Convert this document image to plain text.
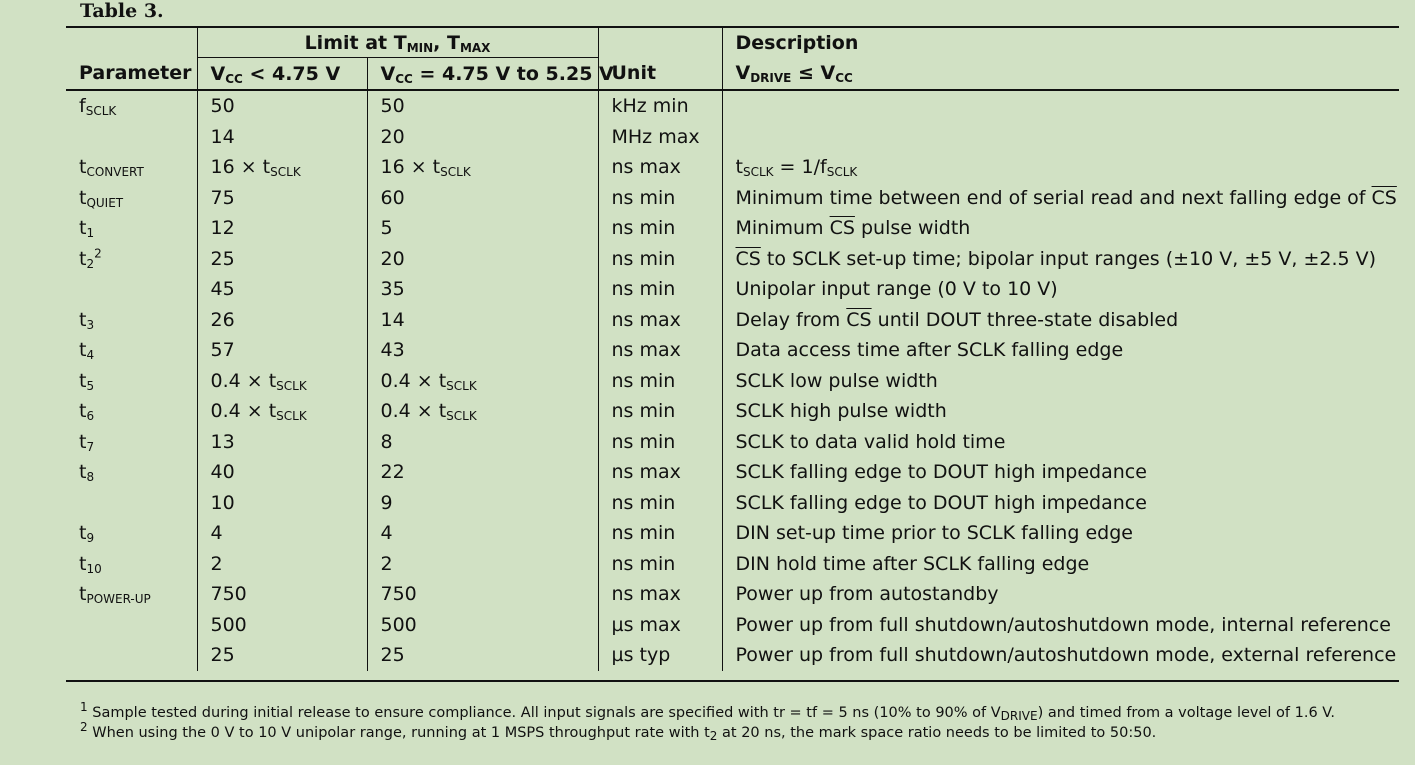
Table 3.
	Limit at $T_{MIN}$, $T_{MAX}$			Description
Parameter	$V_{CC} < 4.75$ V	$V_{CC} = 4.75$ V to 5.25 V	Unit	$V_{DRIVE} \le V_{CC}$
$f_{SCLK}$	50	50	kHz min	
	14	20	MHz max	
$t_{CONVERT}$	$16 \times t_{SCLK}$	$16 \times t_{SCLK}$	ns max	$t_{SCLK} = 1/f_{SCLK}$
$t_{QUIET}$	75	60	ns min	Minimum time between end of serial read and next falling edge of $\overline{CS}$
$t_1$	12	5	ns min	Minimum $\overline{CS}$ pulse width
$t_2^2$	25	20	ns min	$\overline{CS}$ to SCLK set-up time; bipolar input ranges (±10 V, ±5 V, ±2.5 V)
	45	35	ns min	Unipolar input range (0 V to 10 V)
$t_3$	26	14	ns max	Delay from $\overline{CS}$ until DOUT three-state disabled
$t_4$	57	43	ns max	Data access time after SCLK falling edge
$t_5$	$0.4 \times t_{SCLK}$	$0.4 \times t_{SCLK}$	ns min	SCLK low pulse width
$t_6$	$0.4 \times t_{SCLK}$	$0.4 \times t_{SCLK}$	ns min	SCLK high pulse width
$t_7$	13	8	ns min	SCLK to data valid hold time
$t_8$	40	22	ns max	SCLK falling edge to DOUT high impedance
	10	9	ns min	SCLK falling edge to DOUT high impedance
$t_9$	4	4	ns min	DIN set-up time prior to SCLK falling edge
$t_{10}$	2	2	ns min	DIN hold time after SCLK falling edge
$t_{POWER-UP}$	750	750	ns max	Power up from autostandby
	500	500	µs max	Power up from full shutdown/autoshutdown mode, internal reference
	25	25	µs typ	Power up from full shutdown/autoshutdown mode, external reference
$^1$ Sample tested during initial release to ensure compliance. All input signals are specified with tr = tf = 5 ns (10% to 90% of $V_{DRIVE}$) and timed from a voltage level of 1.6 V.
$^2$ When using the 0 V to 10 V unipolar range, running at 1 MSPS throughput rate with $t_2$ at 20 ns, the mark space ratio needs to be limited to 50:50.
